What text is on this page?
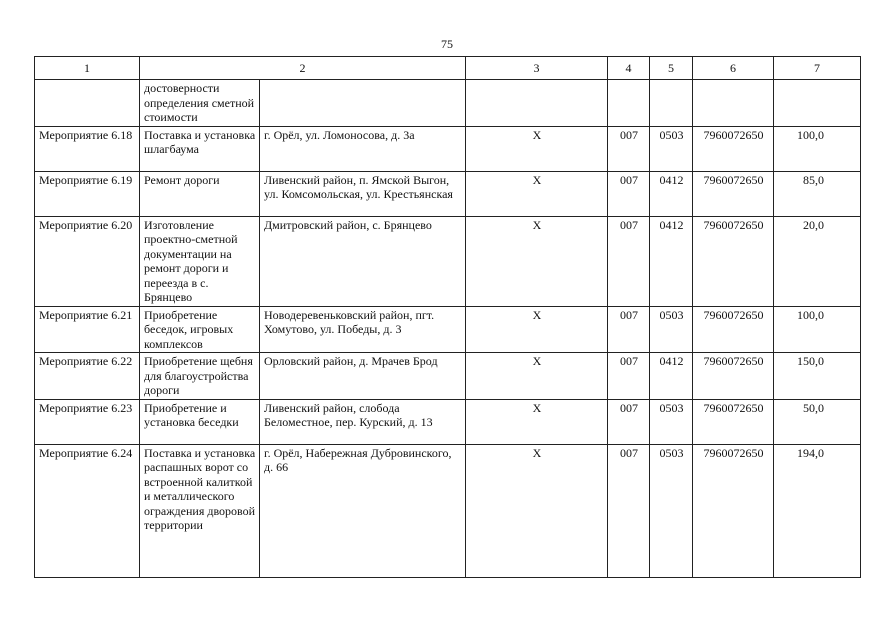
75
1	2		3	4	5	6	7
	достоверности определения сметной стоимости						
Мероприятие 6.18	Поставка и установка шлагбаума	г. Орёл, ул. Ломоносова, д. 3а	Х	007	0503	7960072650	100,0
Мероприятие 6.19	Ремонт дороги	Ливенский район, п. Ямской Выгон, ул. Комсомольская, ул. Крестьянская	Х	007	0412	7960072650	85,0
Мероприятие 6.20	Изготовление проектно-сметной документации на ремонт дороги и переезда в с. Брянцево	Дмитровский район, с. Брянцево	Х	007	0412	7960072650	20,0
Мероприятие 6.21	Приобретение беседок, игровых комплексов	Новодеревеньковский район, пгт. Хомутово, ул. Победы, д. 3	Х	007	0503	7960072650	100,0
Мероприятие 6.22	Приобретение щебня для благоустройства дороги	Орловский район, д. Мрачев Брод	Х	007	0412	7960072650	150,0
Мероприятие 6.23	Приобретение и установка беседки	Ливенский район, слобода Беломестное, пер. Курский, д. 13	Х	007	0503	7960072650	50,0
Мероприятие 6.24	Поставка и установка распашных ворот со встроенной калиткой и металлического ограждения дворовой территории	г. Орёл, Набережная Дубровинского, д. 66	Х	007	0503	7960072650	194,0
